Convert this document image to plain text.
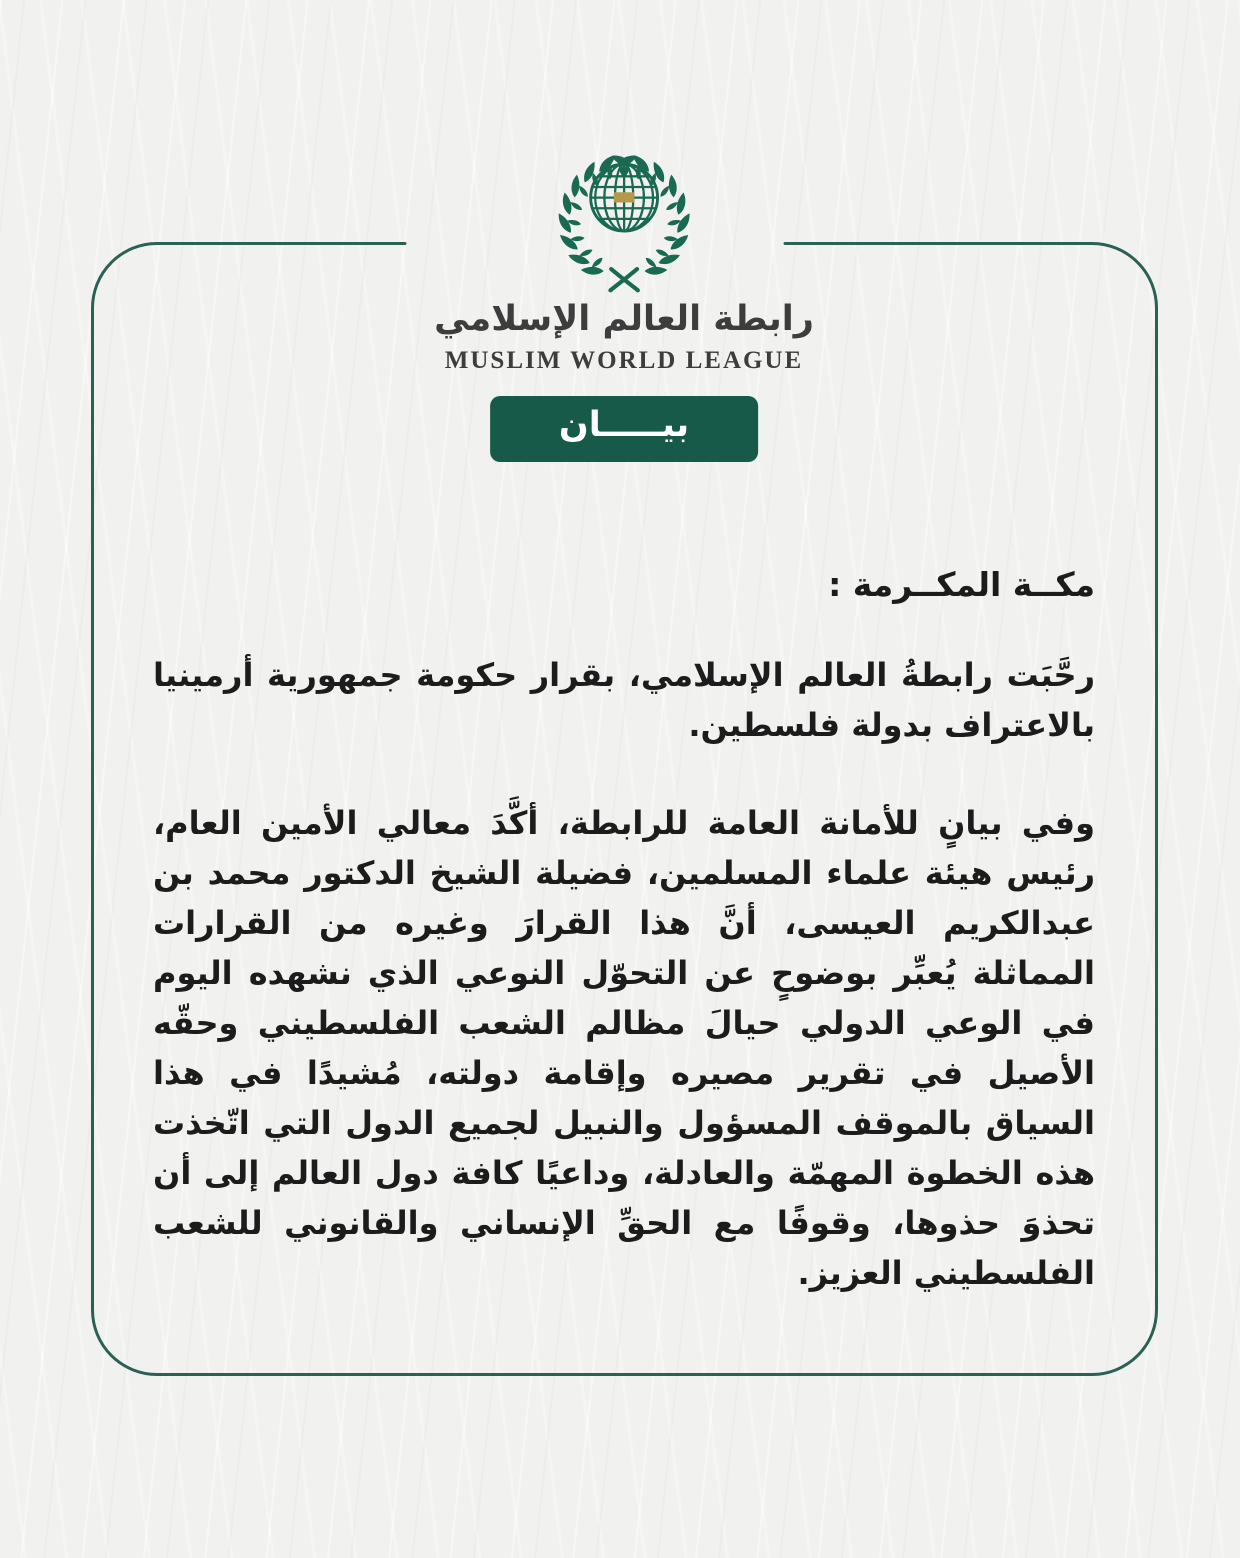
رابطة العالم الإسلامي
MUSLIM WORLD LEAGUE
بيـــــان
مكــة المكــرمة :

رحَّبَت رابطةُ العالم الإسلامي، بقرار حكومة جمهورية أرمينيا بالاعتراف بدولة فلسطين.

وفي بيانٍ للأمانة العامة للرابطة، أكَّدَ معالي الأمين العام، رئيس هيئة علماء المسلمين، فضيلة الشيخ الدكتور محمد بن عبدالكريم العيسى، أنَّ هذا القرارَ وغيره من القرارات المماثلة يُعبِّر بوضوحٍ عن التحوّل النوعي الذي نشهده اليوم في الوعي الدولي حيالَ مظالم الشعب الفلسطيني وحقّه الأصيل في تقرير مصيره وإقامة دولته، مُشيدًا في هذا السياق بالموقف المسؤول والنبيل لجميع الدول التي اتّخذت هذه الخطوة المهمّة والعادلة، وداعيًا كافة دول العالم إلى أن تحذوَ حذوها، وقوفًا مع الحقِّ الإنساني والقانوني للشعب الفلسطيني العزيز.
